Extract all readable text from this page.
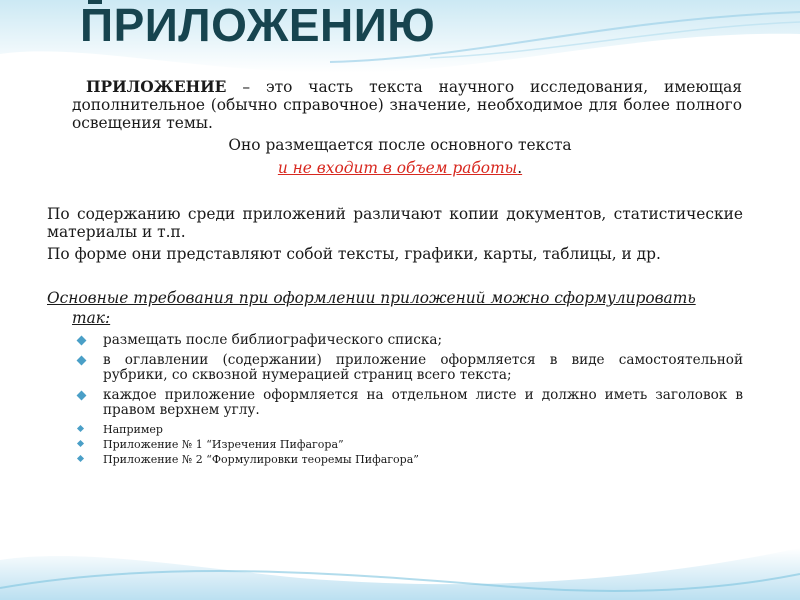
ПРИЛОЖЕНИЮ
ПРИЛОЖЕНИЕ – это часть текста научного исследования, имеющая дополнительное (обычно справочное) значение, необходимое для более полного освещения темы.
Оно размещается после основного текста
и не входит в объем работы.
По содержанию среди приложений различают копии документов, статистические материалы и т.п.
По форме они представляют собой тексты, графики, карты, таблицы, и др.
Основные требования при оформлении приложений можно сформулировать
так:
размещать после библиографического списка;
в оглавлении (содержании) приложение оформляется в виде самостоятельной рубрики, со сквозной нумерацией страниц всего текста;
каждое приложение оформляется на отдельном листе и должно иметь заголовок в правом верхнем углу.
Например
Приложение № 1 “Изречения Пифагора”
Приложение № 2 “Формулировки теоремы Пифагора”
